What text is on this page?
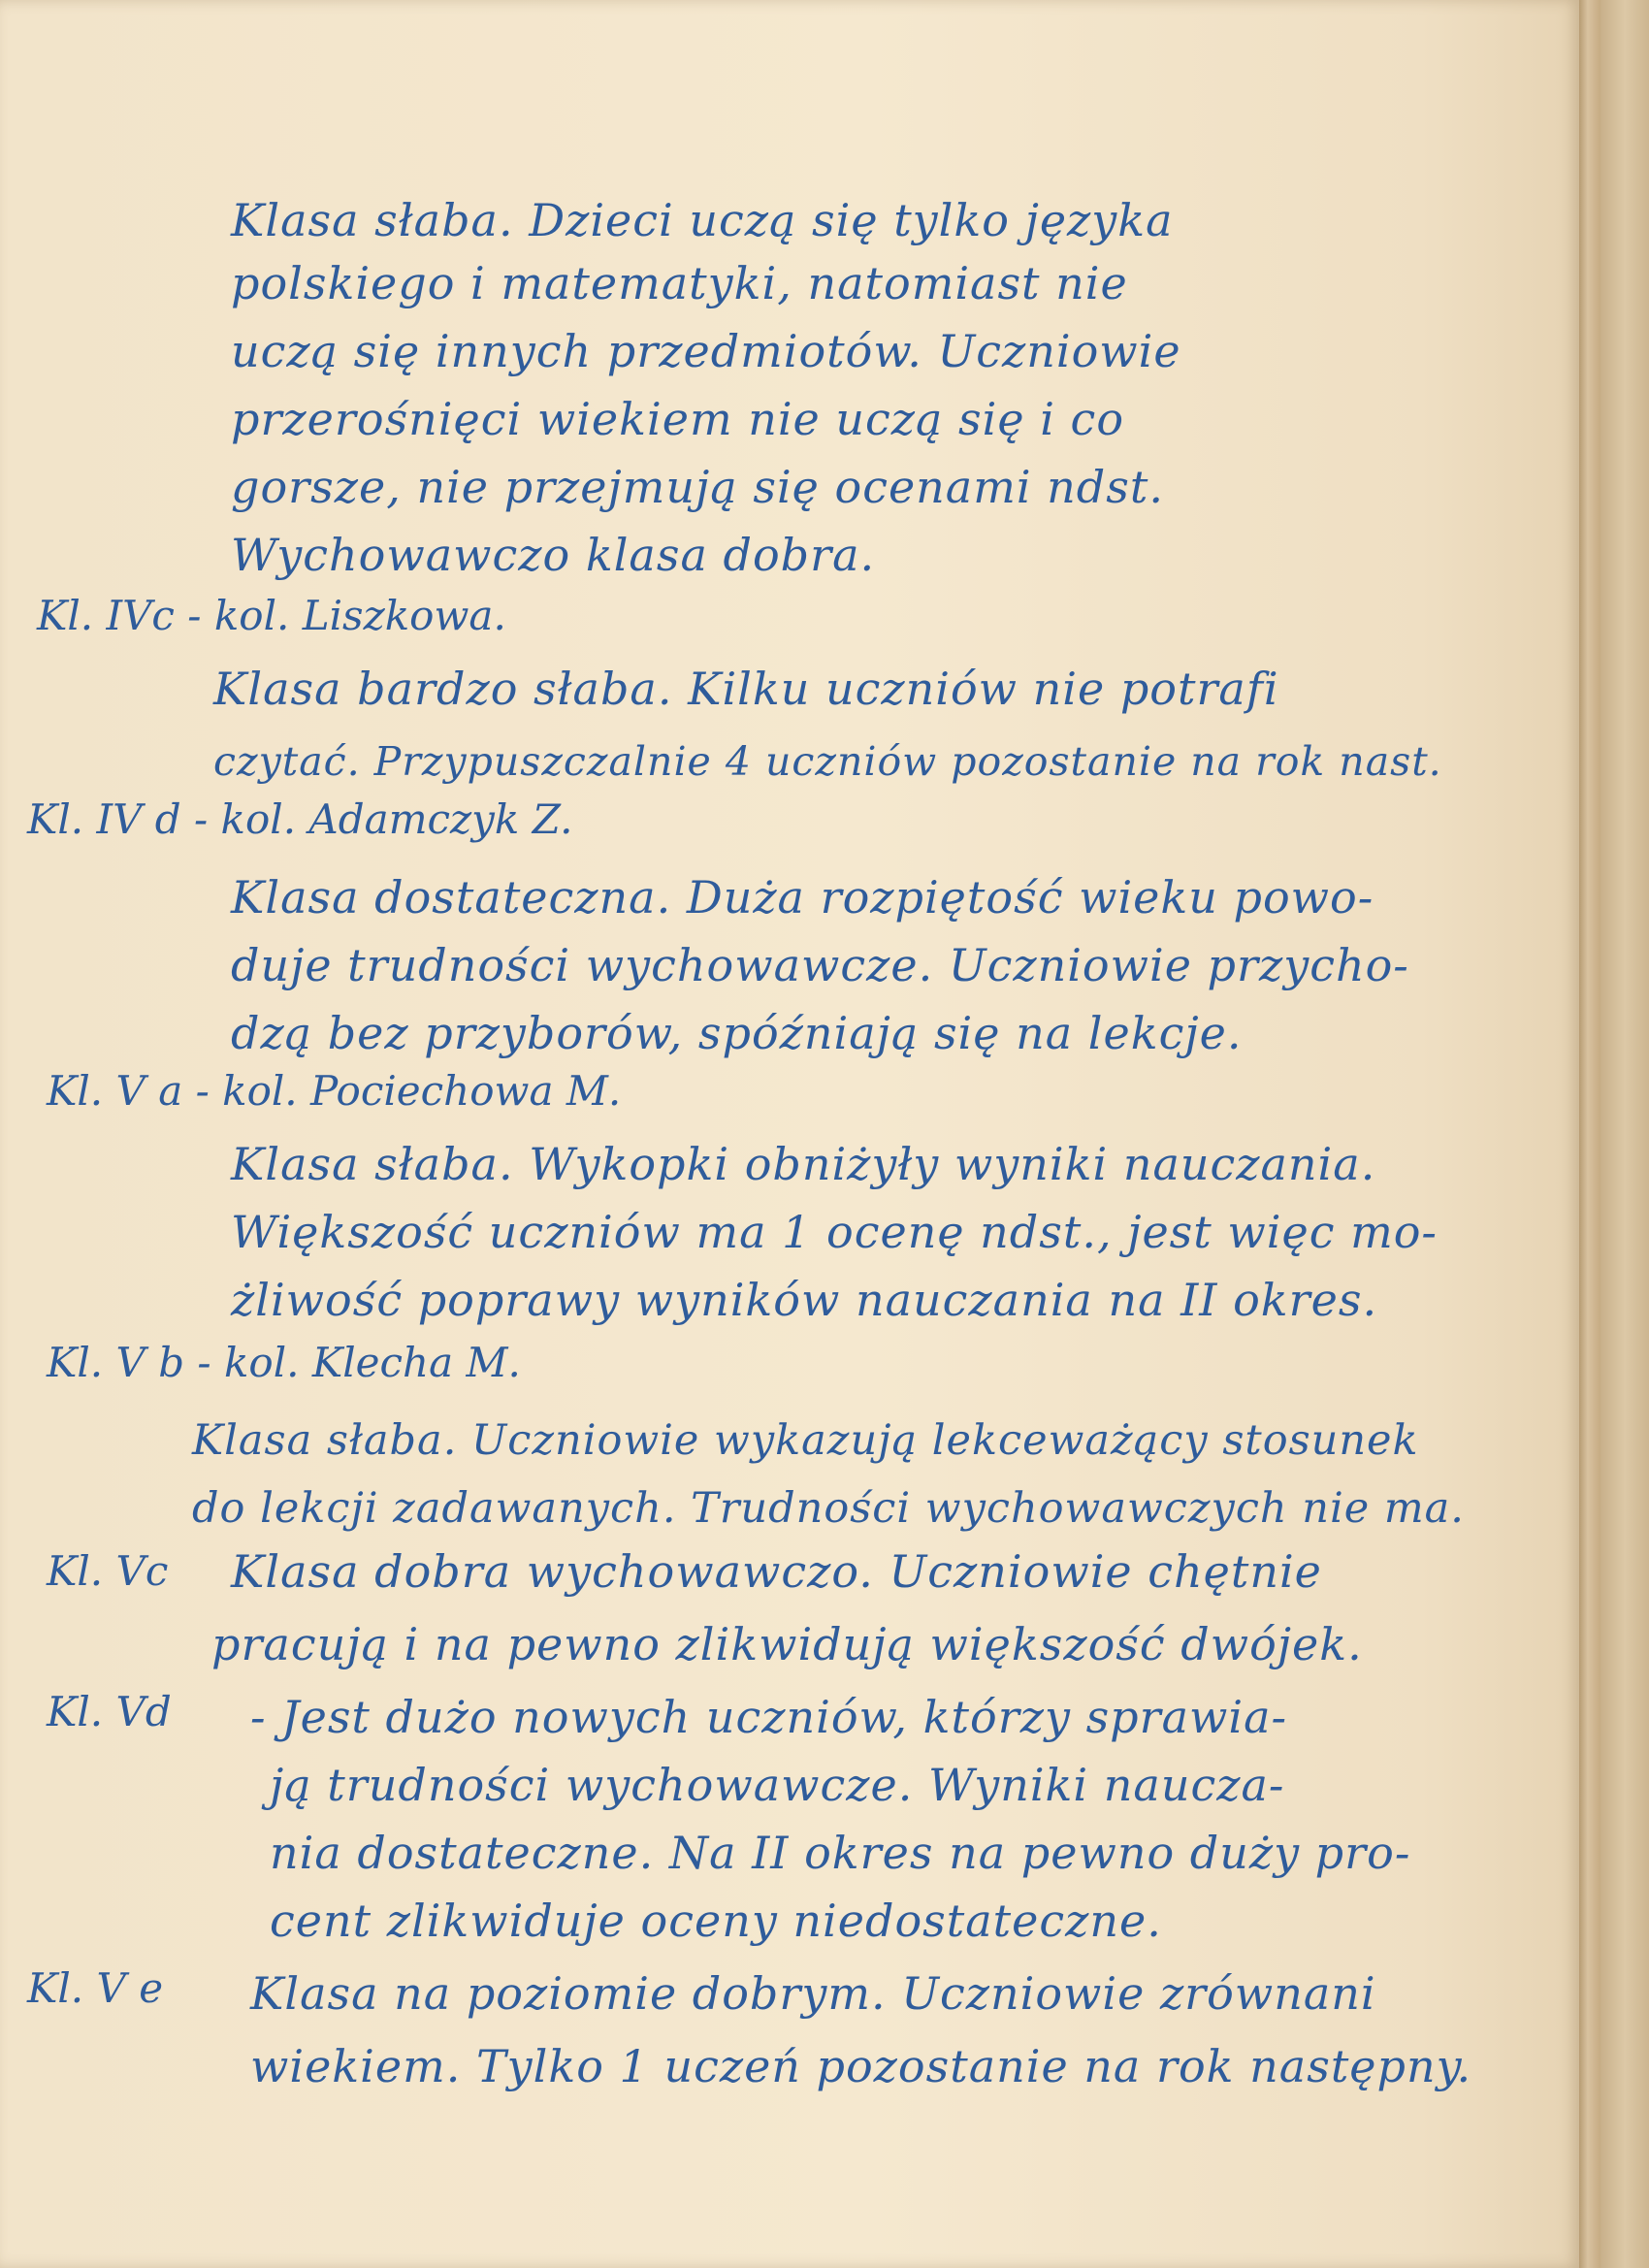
Klasa słaba. Dzieci uczą się tylko języka

polskiego i matematyki, natomiast nie

uczą się innych przedmiotów. Uczniowie

przerośnięci wiekiem nie uczą się i co

gorsze, nie przejmują się ocenami ndst.

Wychowawczo klasa dobra.

Kl. IVc - kol. Liszkowa.

Klasa bardzo słaba. Kilku uczniów nie potrafi

czytać. Przypuszczalnie 4 uczniów pozostanie na rok nast.

Kl. IV d - kol. Adamczyk Z.

Klasa dostateczna. Duża rozpiętość wieku powo-

duje trudności wychowawcze. Uczniowie przycho-

dzą bez przyborów, spóźniają się na lekcje.

Kl. V a - kol. Pociechowa M.

Klasa słaba. Wykopki obniżyły wyniki nauczania.

Większość uczniów ma 1 ocenę ndst., jest więc mo-

żliwość poprawy wyników nauczania na II okres.

Kl. V b - kol. Klecha M.

Klasa słaba. Uczniowie wykazują lekceważący stosunek

do lekcji zadawanych. Trudności wychowawczych nie ma.

Kl. Vc Klasa dobra wychowawczo. Uczniowie chętnie

pracują i na pewno zlikwidują większość dwójek.

Kl. Vd - Jest dużo nowych uczniów, którzy sprawia-

ją trudności wychowawcze. Wyniki naucza-

nia dostateczne. Na II okres na pewno duży pro-

cent zlikwiduje oceny niedostateczne.

Kl. V e Klasa na poziomie dobrym. Uczniowie zrównani

wiekiem. Tylko 1 uczeń pozostanie na rok następny.
